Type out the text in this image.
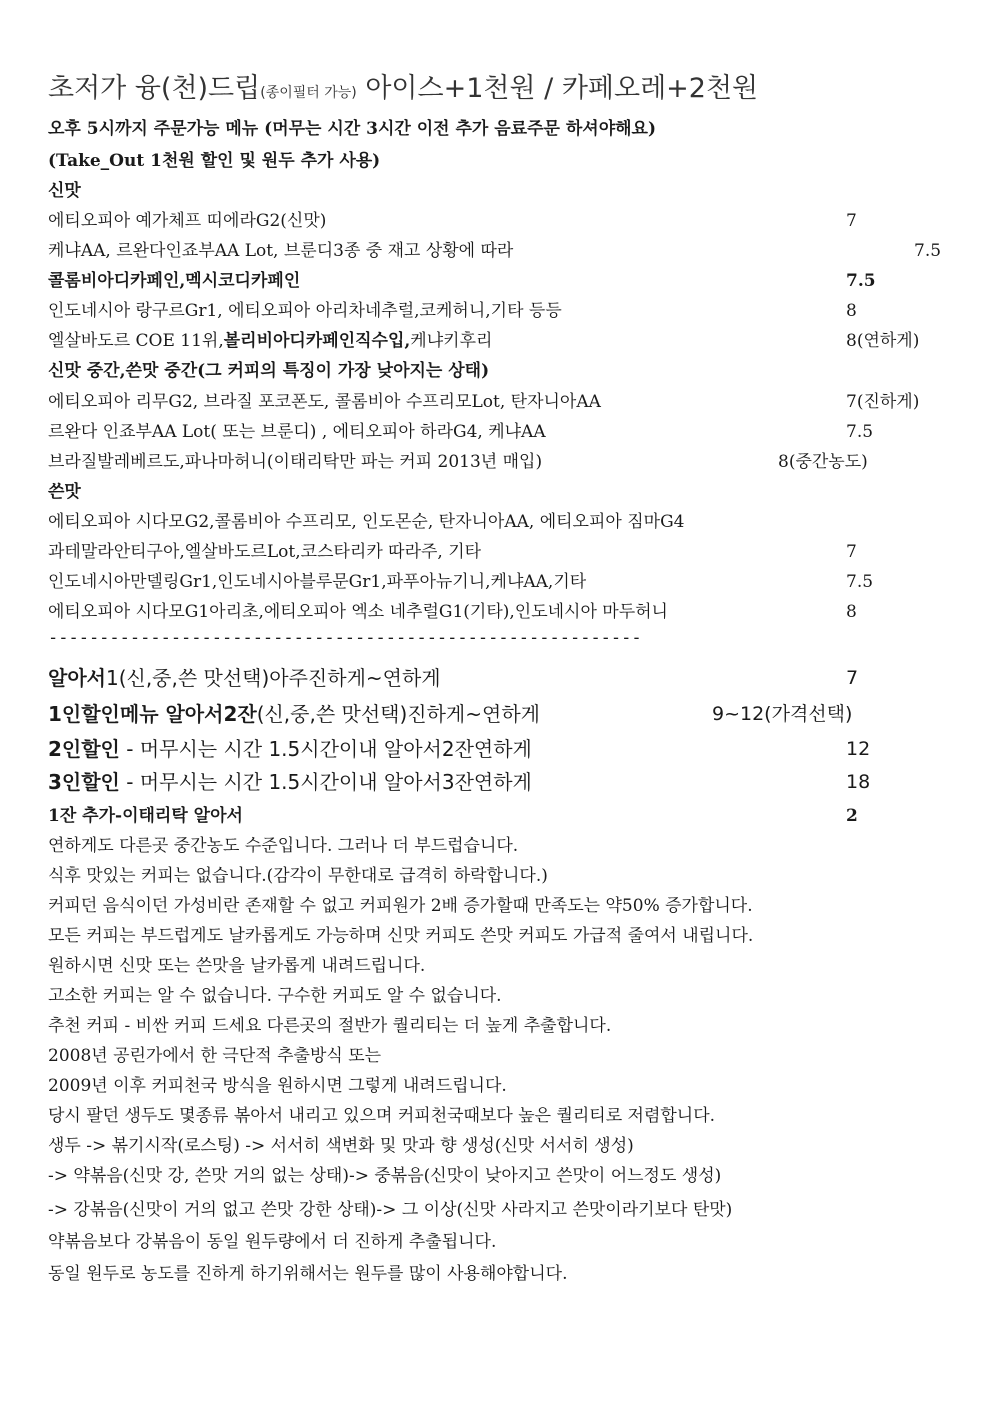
초저가 융(천)드립(종이필터 가능) 아이스+1천원 / 카페오레+2천원
오후 5시까지 주문가능 메뉴 (머무는 시간 3시간 이전 추가 음료주문 하셔야해요)
(Take_Out 1천원 할인 및 원두 추가 사용)
신맛
에티오피아 예가체프 띠에라G2(신맛)	7
케냐AA, 르완다인죠부AA Lot, 브룬디3종 중 재고 상황에 따라	7.5
콜롬비아디카페인,멕시코디카페인	7.5
인도네시아 랑구르Gr1, 에티오피아 아리차네추럴,코케허니,기타 등등	8
엘살바도르 COE 11위,볼리비아디카페인직수입,케냐키후리	8(연하게)
신맛 중간,쓴맛 중간(그 커피의 특징이 가장 낮아지는 상태)
에티오피아 리무G2, 브라질 포코폰도, 콜롬비아 수프리모Lot, 탄자니아AA	7(진하게)
르완다 인죠부AA Lot( 또는 브룬디) , 에티오피아 하라G4, 케냐AA	7.5
브라질발레베르도,파나마허니(이태리탁만 파는 커피 2013년 매입)	8(중간농도)
쓴맛
에티오피아 시다모G2,콜롬비아 수프리모, 인도몬순, 탄자니아AA, 에티오피아 짐마G4
과테말라안티구아,엘살바도르Lot,코스타리카 따라주, 기타	7
인도네시아만델링Gr1,인도네시아블루문Gr1,파푸아뉴기니,케냐AA,기타	7.5
에티오피아 시다모G1아리초,에티오피아 엑소 네추럴G1(기타),인도네시아 마두허니	8
----------------------------------------------------------
알아서1(신,중,쓴 맛선택)아주진하게~연하게	7
1인할인메뉴 알아서2잔(신,중,쓴 맛선택)진하게~연하게	9~12(가격선택)
2인할인 - 머무시는 시간 1.5시간이내 알아서2잔연하게	12
3인할인 - 머무시는 시간 1.5시간이내 알아서3잔연하게	18
1잔 추가-이태리탁 알아서	2
연하게도 다른곳 중간농도 수준입니다. 그러나 더 부드럽습니다.
식후 맛있는 커피는 없습니다.(감각이 무한대로 급격히 하락합니다.)
커피던 음식이던 가성비란 존재할 수 없고 커피원가 2배 증가할때 만족도는 약50% 증가합니다.
모든 커피는 부드럽게도 날카롭게도 가능하며 신맛 커피도 쓴맛 커피도 가급적 줄여서 내립니다.
원하시면 신맛 또는 쓴맛을 날카롭게 내려드립니다.
고소한 커피는 알 수 없습니다. 구수한 커피도 알 수 없습니다.
추천 커피 - 비싼 커피 드세요 다른곳의 절반가 퀄리티는 더 높게 추출합니다.
2008년 공린가에서 한 극단적 추출방식 또는
2009년 이후 커피천국 방식을 원하시면 그렇게 내려드립니다.
당시 팔던 생두도 몇종류 볶아서 내리고 있으며 커피천국때보다 높은 퀄리티로 저렴합니다.
생두 -> 볶기시작(로스팅) -> 서서히 색변화 및 맛과 향 생성(신맛 서서히 생성)
-> 약볶음(신맛 강, 쓴맛 거의 없는 상태)-> 중볶음(신맛이 낮아지고 쓴맛이 어느정도 생성)
-> 강볶음(신맛이 거의 없고 쓴맛 강한 상태)-> 그 이상(신맛 사라지고 쓴맛이라기보다 탄맛)
약볶음보다 강볶음이 동일 원두량에서 더 진하게 추출됩니다.
동일 원두로 농도를 진하게 하기위해서는 원두를 많이 사용해야합니다.
